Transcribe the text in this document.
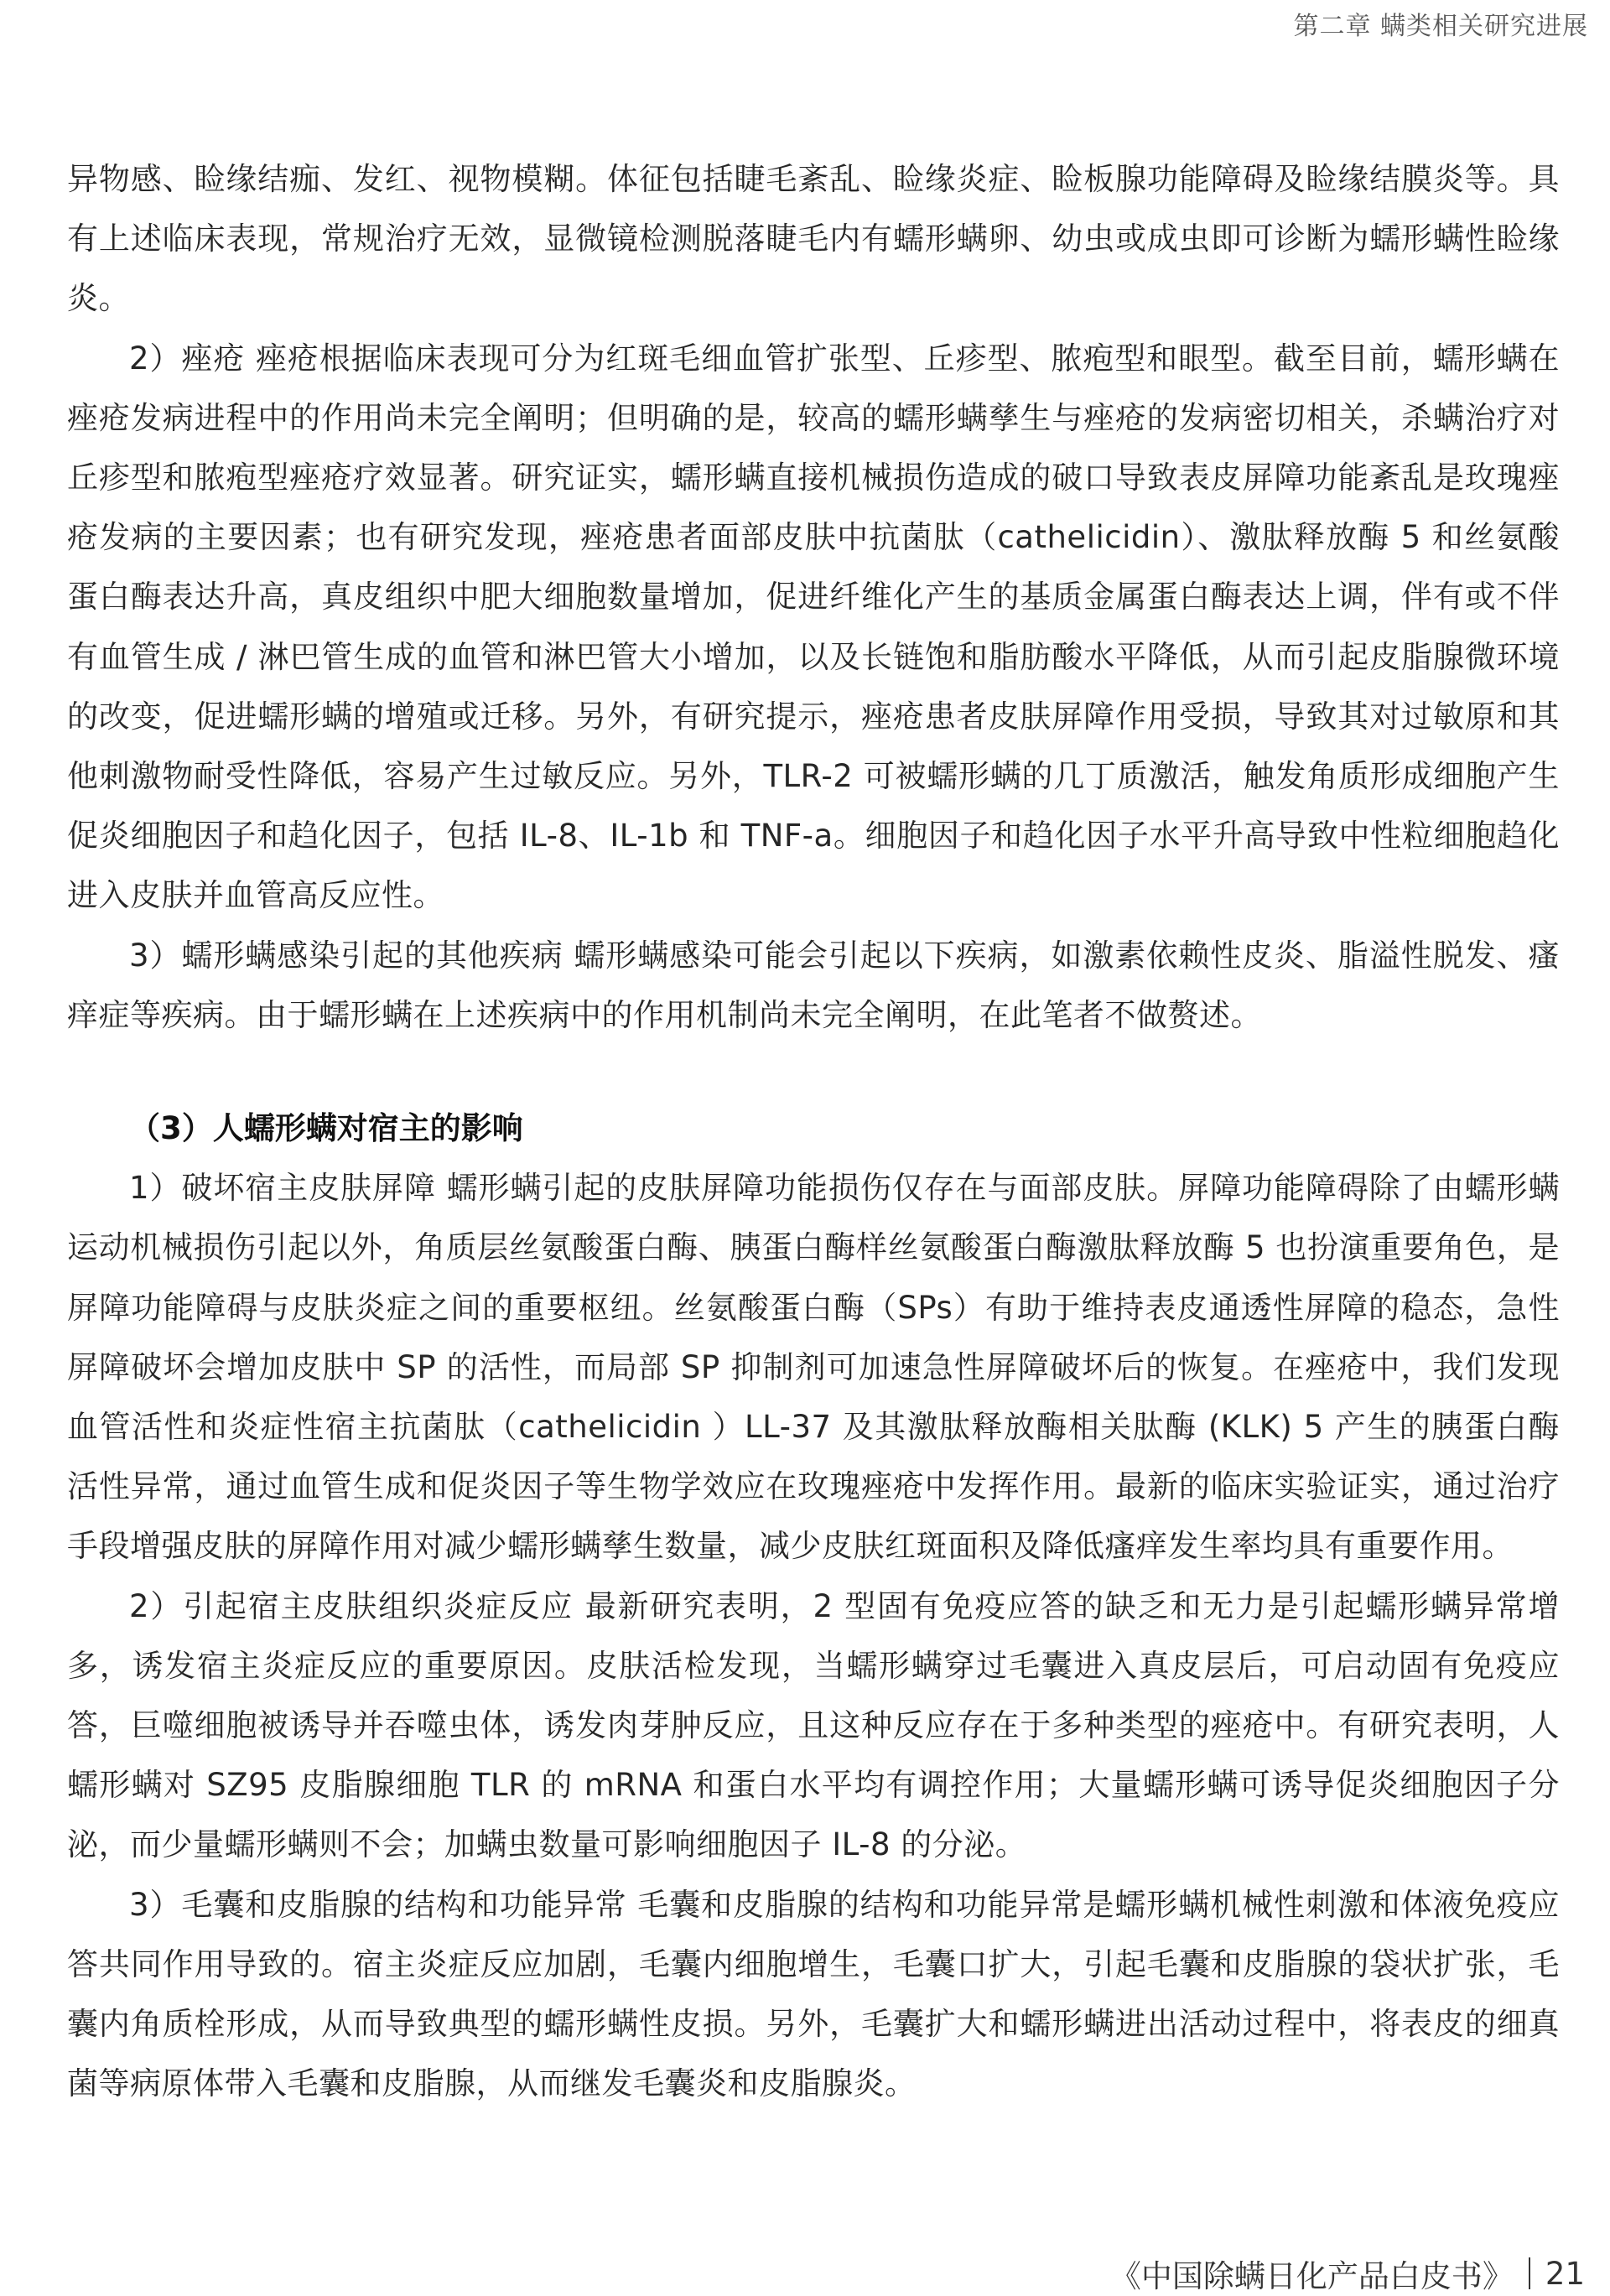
第二章 螨类相关研究进展

异物感、睑缘结痂、发红、视物模糊。体征包括睫毛紊乱、睑缘炎症、睑板腺功能障碍及睑缘结膜炎等。具有上述临床表现，常规治疗无效，显微镜检测脱落睫毛内有蠕形螨卵、幼虫或成虫即可诊断为蠕形螨性睑缘炎。

2）痤疮 痤疮根据临床表现可分为红斑毛细血管扩张型、丘疹型、脓疱型和眼型。截至目前，蠕形螨在痤疮发病进程中的作用尚未完全阐明；但明确的是，较高的蠕形螨孳生与痤疮的发病密切相关，杀螨治疗对丘疹型和脓疱型痤疮疗效显著。研究证实，蠕形螨直接机械损伤造成的破口导致表皮屏障功能紊乱是玫瑰痤疮发病的主要因素；也有研究发现，痤疮患者面部皮肤中抗菌肽（cathelicidin）、激肽释放酶 5 和丝氨酸蛋白酶表达升高，真皮组织中肥大细胞数量增加，促进纤维化产生的基质金属蛋白酶表达上调，伴有或不伴有血管生成 / 淋巴管生成的血管和淋巴管大小增加，以及长链饱和脂肪酸水平降低，从而引起皮脂腺微环境的改变，促进蠕形螨的增殖或迁移。另外，有研究提示，痤疮患者皮肤屏障作用受损，导致其对过敏原和其他刺激物耐受性降低，容易产生过敏反应。另外，TLR-2 可被蠕形螨的几丁质激活，触发角质形成细胞产生促炎细胞因子和趋化因子，包括 IL-8、IL-1b 和 TNF-a。细胞因子和趋化因子水平升高导致中性粒细胞趋化进入皮肤并血管高反应性。

3）蠕形螨感染引起的其他疾病 蠕形螨感染可能会引起以下疾病，如激素依赖性皮炎、脂溢性脱发、瘙痒症等疾病。由于蠕形螨在上述疾病中的作用机制尚未完全阐明，在此笔者不做赘述。

（3）人蠕形螨对宿主的影响

1）破坏宿主皮肤屏障 蠕形螨引起的皮肤屏障功能损伤仅存在与面部皮肤。屏障功能障碍除了由蠕形螨运动机械损伤引起以外，角质层丝氨酸蛋白酶、胰蛋白酶样丝氨酸蛋白酶激肽释放酶 5 也扮演重要角色，是屏障功能障碍与皮肤炎症之间的重要枢纽。丝氨酸蛋白酶（SPs）有助于维持表皮通透性屏障的稳态，急性屏障破坏会增加皮肤中 SP 的活性，而局部 SP 抑制剂可加速急性屏障破坏后的恢复。在痤疮中，我们发现血管活性和炎症性宿主抗菌肽（cathelicidin ）LL-37 及其激肽释放酶相关肽酶 (KLK) 5 产生的胰蛋白酶活性异常，通过血管生成和促炎因子等生物学效应在玫瑰痤疮中发挥作用。最新的临床实验证实，通过治疗手段增强皮肤的屏障作用对减少蠕形螨孳生数量，减少皮肤红斑面积及降低瘙痒发生率均具有重要作用。

2）引起宿主皮肤组织炎症反应 最新研究表明，2 型固有免疫应答的缺乏和无力是引起蠕形螨异常增多，诱发宿主炎症反应的重要原因。皮肤活检发现，当蠕形螨穿过毛囊进入真皮层后，可启动固有免疫应答，巨噬细胞被诱导并吞噬虫体，诱发肉芽肿反应，且这种反应存在于多种类型的痤疮中。有研究表明，人蠕形螨对 SZ95 皮脂腺细胞 TLR 的 mRNA 和蛋白水平均有调控作用；大量蠕形螨可诱导促炎细胞因子分泌，而少量蠕形螨则不会；加螨虫数量可影响细胞因子 IL-8 的分泌。

3）毛囊和皮脂腺的结构和功能异常 毛囊和皮脂腺的结构和功能异常是蠕形螨机械性刺激和体液免疫应答共同作用导致的。宿主炎症反应加剧，毛囊内细胞增生，毛囊口扩大，引起毛囊和皮脂腺的袋状扩张，毛囊内角质栓形成，从而导致典型的蠕形螨性皮损。另外，毛囊扩大和蠕形螨进出活动过程中，将表皮的细真菌等病原体带入毛囊和皮脂腺，从而继发毛囊炎和皮脂腺炎。

《中国除螨日化产品白皮书》 21
